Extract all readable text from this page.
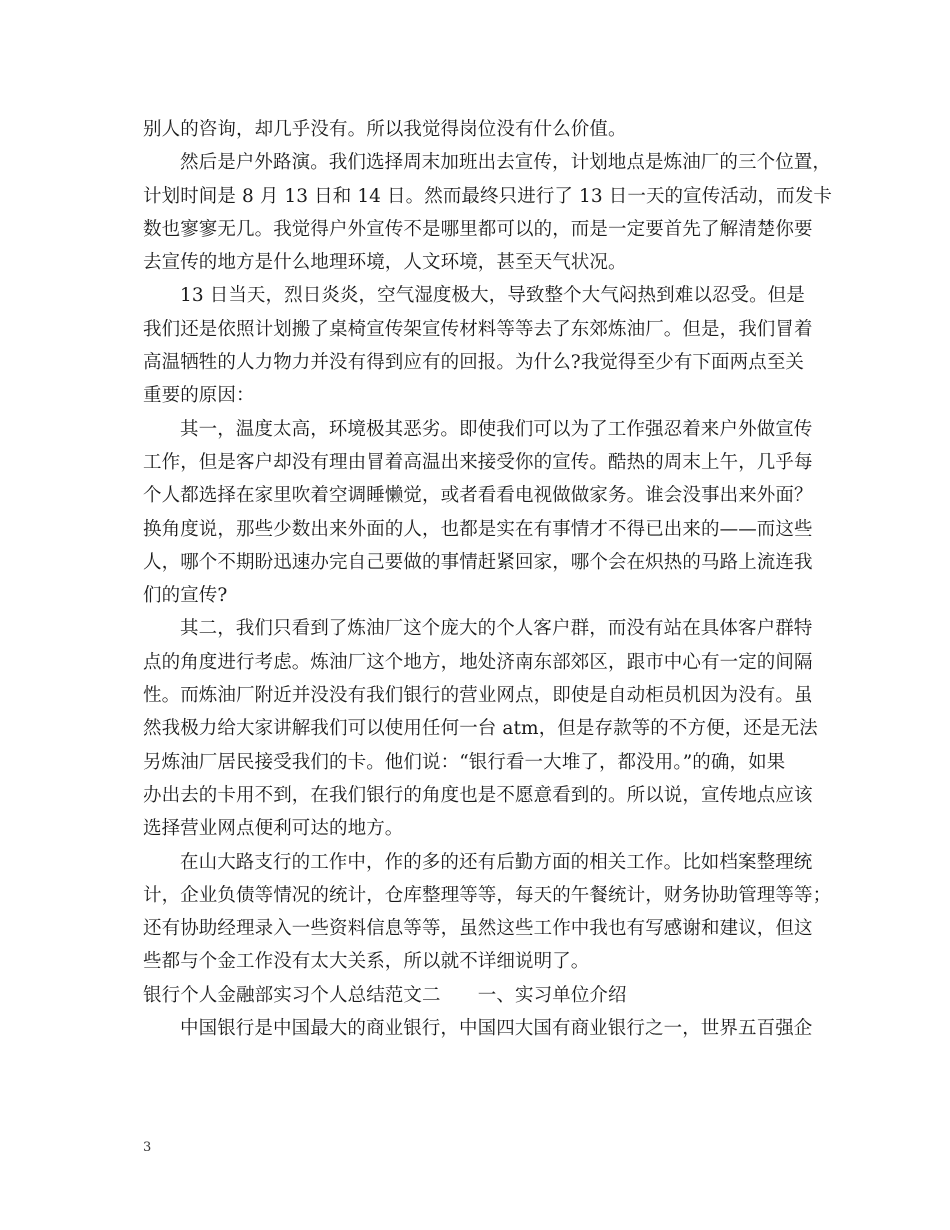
别人的咨询，却几乎没有。所以我觉得岗位没有什么价值。
然后是户外路演。我们选择周末加班出去宣传，计划地点是炼油厂的三个位置，
计划时间是 8 月 13 日和 14 日。然而最终只进行了 13 日一天的宣传活动，而发卡
数也寥寥无几。我觉得户外宣传不是哪里都可以的，而是一定要首先了解清楚你要
去宣传的地方是什么地理环境，人文环境，甚至天气状况。
13 日当天，烈日炎炎，空气湿度极大，导致整个大气闷热到难以忍受。但是
我们还是依照计划搬了桌椅宣传架宣传材料等等去了东郊炼油厂。但是，我们冒着
高温牺牲的人力物力并没有得到应有的回报。为什么?我觉得至少有下面两点至关
重要的原因：
其一，温度太高，环境极其恶劣。即使我们可以为了工作强忍着来户外做宣传
工作，但是客户却没有理由冒着高温出来接受你的宣传。酷热的周末上午，几乎每
个人都选择在家里吹着空调睡懒觉，或者看看电视做做家务。谁会没事出来外面？
换角度说，那些少数出来外面的人，也都是实在有事情才不得已出来的——而这些
人，哪个不期盼迅速办完自己要做的事情赶紧回家，哪个会在炽热的马路上流连我
们的宣传?
其二，我们只看到了炼油厂这个庞大的个人客户群，而没有站在具体客户群特
点的角度进行考虑。炼油厂这个地方，地处济南东部郊区，跟市中心有一定的间隔
性。而炼油厂附近并没没有我们银行的营业网点，即使是自动柜员机因为没有。虽
然我极力给大家讲解我们可以使用任何一台 atm，但是存款等的不方便，还是无法
另炼油厂居民接受我们的卡。他们说：“银行看一大堆了，都没用。”的确，如果
办出去的卡用不到，在我们银行的角度也是不愿意看到的。所以说，宣传地点应该
选择营业网点便利可达的地方。
在山大路支行的工作中，作的多的还有后勤方面的相关工作。比如档案整理统
计，企业负债等情况的统计，仓库整理等等，每天的午餐统计，财务协助管理等等；
还有协助经理录入一些资料信息等等，虽然这些工作中我也有写感谢和建议，但这
些都与个金工作没有太大关系，所以就不详细说明了。
银行个人金融部实习个人总结范文二　　一、实习单位介绍
中国银行是中国最大的商业银行，中国四大国有商业银行之一，世界五百强企
3
